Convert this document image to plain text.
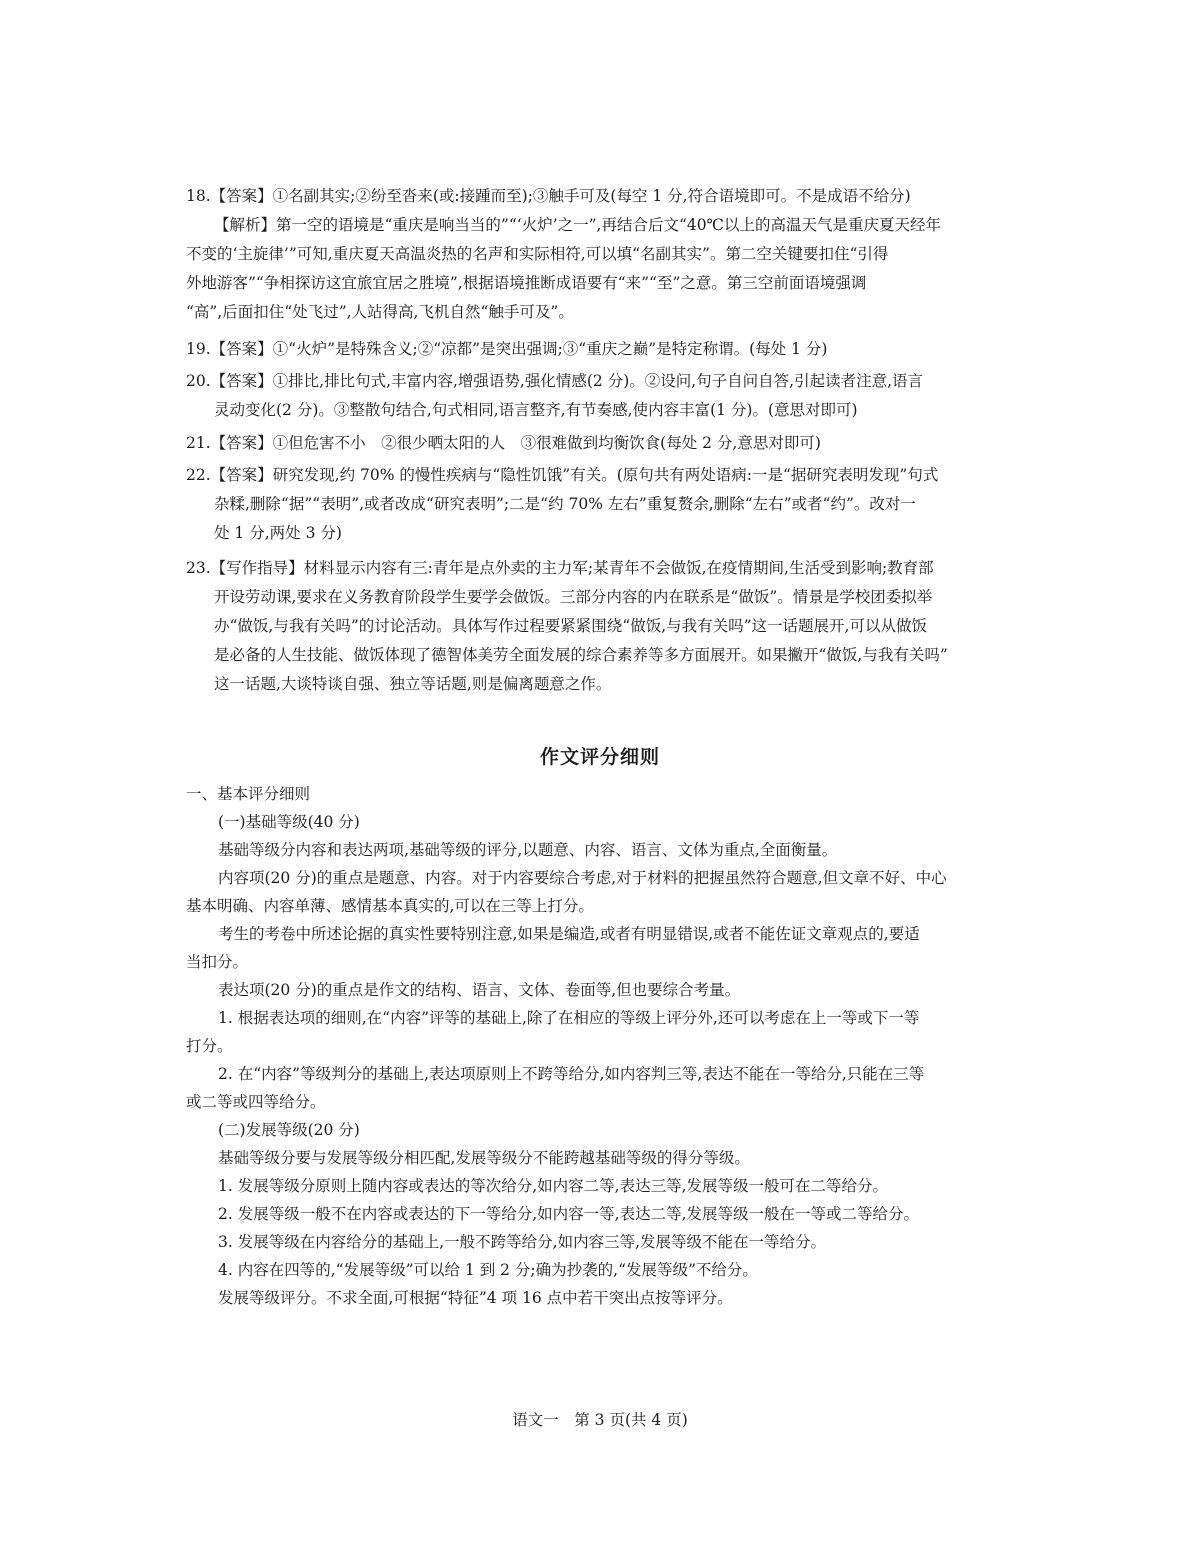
18.【答案】①名副其实;②纷至沓来(或:接踵而至);③触手可及(每空 1 分,符合语境即可。不是成语不给分)
【解析】第一空的语境是“重庆是响当当的”“‘火炉’之一”,再结合后文“40℃以上的高温天气是重庆夏天经年
不变的‘主旋律’”可知,重庆夏天高温炎热的名声和实际相符,可以填“名副其实”。第二空关键要扣住“引得
外地游客”“争相探访这宜旅宜居之胜境”,根据语境推断成语要有“来”“至”之意。第三空前面语境强调
“高”,后面扣住“处飞过”,人站得高,飞机自然“触手可及”。
19.【答案】①“火炉”是特殊含义;②“凉都”是突出强调;③“重庆之巅”是特定称谓。(每处 1 分)
20.【答案】①排比,排比句式,丰富内容,增强语势,强化情感(2 分)。②设问,句子自问自答,引起读者注意,语言
灵动变化(2 分)。③整散句结合,句式相同,语言整齐,有节奏感,使内容丰富(1 分)。(意思对即可)
21.【答案】①但危害不小　②很少晒太阳的人　③很难做到均衡饮食(每处 2 分,意思对即可)
22.【答案】研究发现,约 70% 的慢性疾病与“隐性饥饿”有关。(原句共有两处语病:一是“据研究表明发现”句式
杂糅,删除“据”“表明”,或者改成“研究表明”;二是“约 70% 左右”重复赘余,删除“左右”或者“约”。改对一
处 1 分,两处 3 分)
23.【写作指导】材料显示内容有三:青年是点外卖的主力军;某青年不会做饭,在疫情期间,生活受到影响;教育部
开设劳动课,要求在义务教育阶段学生要学会做饭。三部分内容的内在联系是“做饭”。情景是学校团委拟举
办“做饭,与我有关吗”的讨论活动。具体写作过程要紧紧围绕“做饭,与我有关吗”这一话题展开,可以从做饭
是必备的人生技能、做饭体现了德智体美劳全面发展的综合素养等多方面展开。如果撇开“做饭,与我有关吗”
这一话题,大谈特谈自强、独立等话题,则是偏离题意之作。
作文评分细则
一、基本评分细则
(一)基础等级(40 分)
基础等级分内容和表达两项,基础等级的评分,以题意、内容、语言、文体为重点,全面衡量。
内容项(20 分)的重点是题意、内容。对于内容要综合考虑,对于材料的把握虽然符合题意,但文章不好、中心
基本明确、内容单薄、感情基本真实的,可以在三等上打分。
考生的考卷中所述论据的真实性要特别注意,如果是编造,或者有明显错误,或者不能佐证文章观点的,要适
当扣分。
表达项(20 分)的重点是作文的结构、语言、文体、卷面等,但也要综合考量。
1. 根据表达项的细则,在“内容”评等的基础上,除了在相应的等级上评分外,还可以考虑在上一等或下一等
打分。
2. 在“内容”等级判分的基础上,表达项原则上不跨等给分,如内容判三等,表达不能在一等给分,只能在三等
或二等或四等给分。
(二)发展等级(20 分)
基础等级分要与发展等级分相匹配,发展等级分不能跨越基础等级的得分等级。
1. 发展等级分原则上随内容或表达的等次给分,如内容二等,表达三等,发展等级一般可在二等给分。
2. 发展等级一般不在内容或表达的下一等给分,如内容一等,表达二等,发展等级一般在一等或二等给分。
3. 发展等级在内容给分的基础上,一般不跨等给分,如内容三等,发展等级不能在一等给分。
4. 内容在四等的,“发展等级”可以给 1 到 2 分;确为抄袭的,“发展等级”不给分。
发展等级评分。不求全面,可根据“特征”4 项 16 点中若干突出点按等评分。
语文一　第 3 页(共 4 页)
